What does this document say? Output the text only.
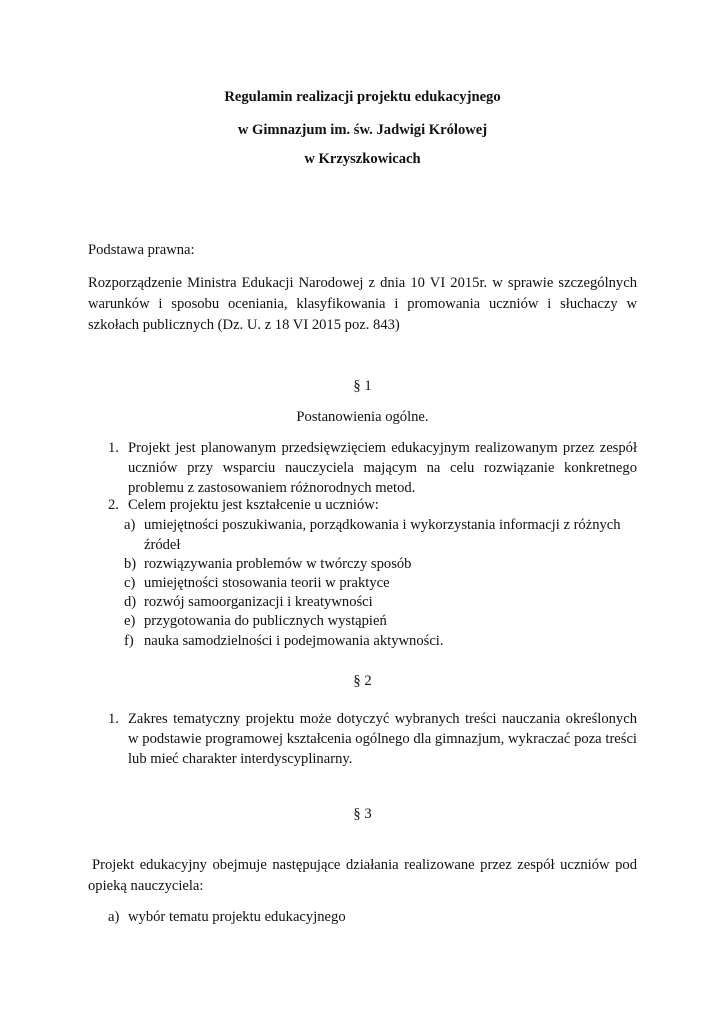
Regulamin realizacji projektu edukacyjnego

w Gimnazjum im. św. Jadwigi Królowej

w Krzyszkowicach

Podstawa prawna:

Rozporządzenie Ministra Edukacji Narodowej z dnia 10 VI 2015r. w sprawie szczególnych warunków i sposobu oceniania, klasyfikowania i promowania uczniów i słuchaczy w szkołach publicznych (Dz. U. z 18 VI 2015 poz. 843)

§ 1

Postanowienia ogólne.

1. Projekt jest planowanym przedsięwzięciem edukacyjnym realizowanym przez zespół uczniów przy wsparciu nauczyciela mającym na celu rozwiązanie konkretnego problemu z zastosowaniem różnorodnych metod.
2. Celem projektu jest kształcenie u uczniów:
a) umiejętności poszukiwania, porządkowania i wykorzystania informacji z różnych źródeł
b) rozwiązywania problemów w twórczy sposób
c) umiejętności stosowania teorii w praktyce
d) rozwój samoorganizacji i kreatywności
e) przygotowania do publicznych wystąpień
f) nauka samodzielności i podejmowania aktywności.

§ 2

1. Zakres tematyczny projektu może dotyczyć wybranych treści nauczania określonych w podstawie programowej kształcenia ogólnego dla gimnazjum, wykraczać poza treści lub mieć charakter interdyscyplinarny.

§ 3

Projekt edukacyjny obejmuje następujące działania realizowane przez zespół uczniów pod opieką nauczyciela:

a) wybór tematu projektu edukacyjnego
